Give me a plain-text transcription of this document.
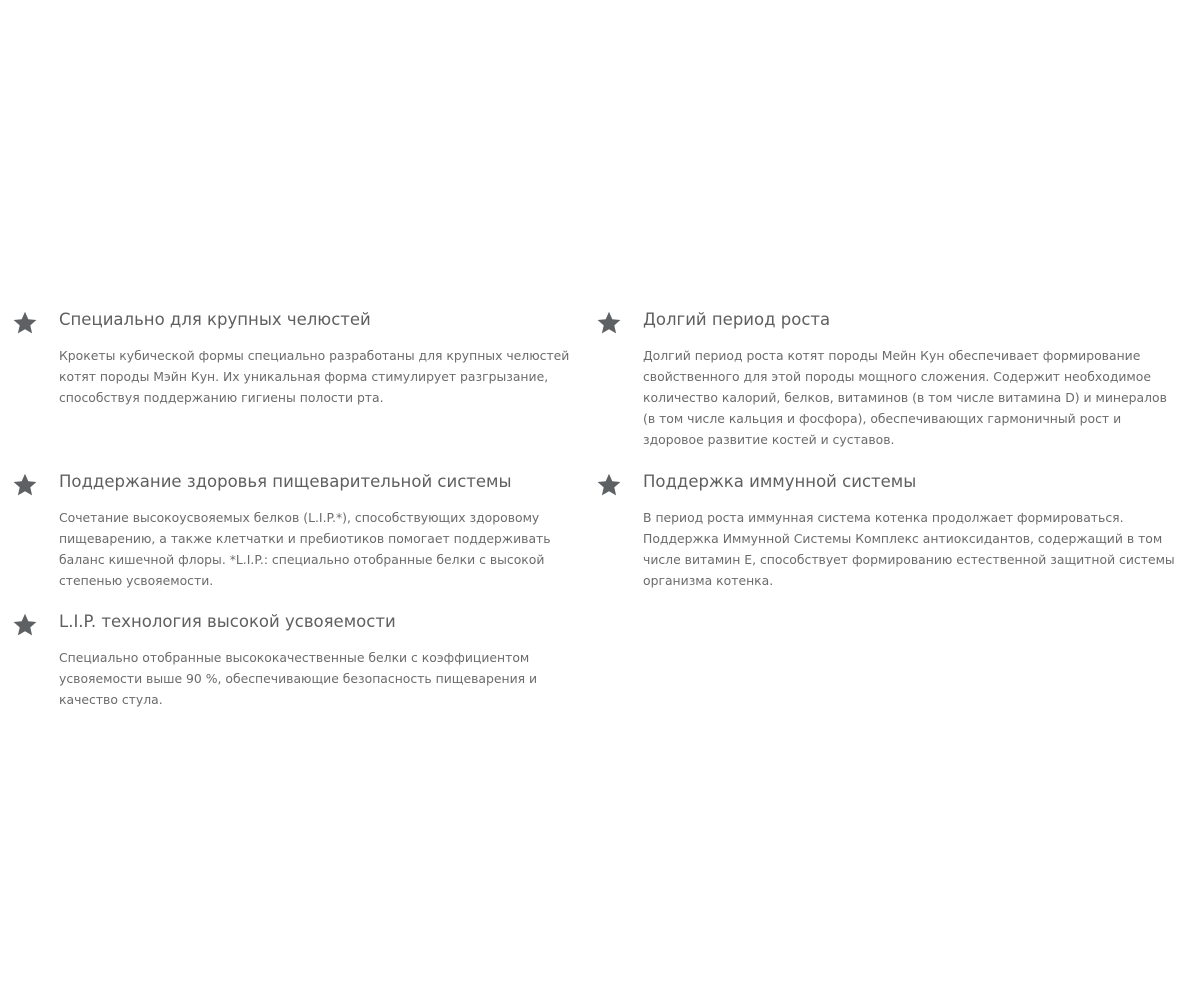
Специально для крупных челюстей

Крокеты кубической формы специально разработаны для крупных челюстей котят породы Мэйн Кун. Их уникальная форма стимулирует разгрызание, способствуя поддержанию гигиены полости рта.

Долгий период роста

Долгий период роста котят породы Мейн Кун обеспечивает формирование свойственного для этой породы мощного сложения. Содержит необходимое количество калорий, белков, витаминов (в том числе витамина D) и минералов (в том числе кальция и фосфора), обеспечивающих гармоничный рост и здоровое развитие костей и суставов.

Поддержание здоровья пищеварительной системы

Сочетание высокоусвояемых белков (L.I.P.*), способствующих здоровому пищеварению, а также клетчатки и пребиотиков помогает поддерживать баланс кишечной флоры. *L.I.P.: специально отобранные белки с высокой степенью усвояемости.

Поддержка иммунной системы

В период роста иммунная система котенка продолжает формироваться. Поддержка Иммунной Системы Комплекс антиоксидантов, содержащий в том числе витамин E, способствует формированию естественной защитной системы организма котенка.

L.I.P. технология высокой усвояемости

Специально отобранные высококачественные белки с коэффициентом усвояемости выше 90 %, обеспечивающие безопасность пищеварения и качество стула.
